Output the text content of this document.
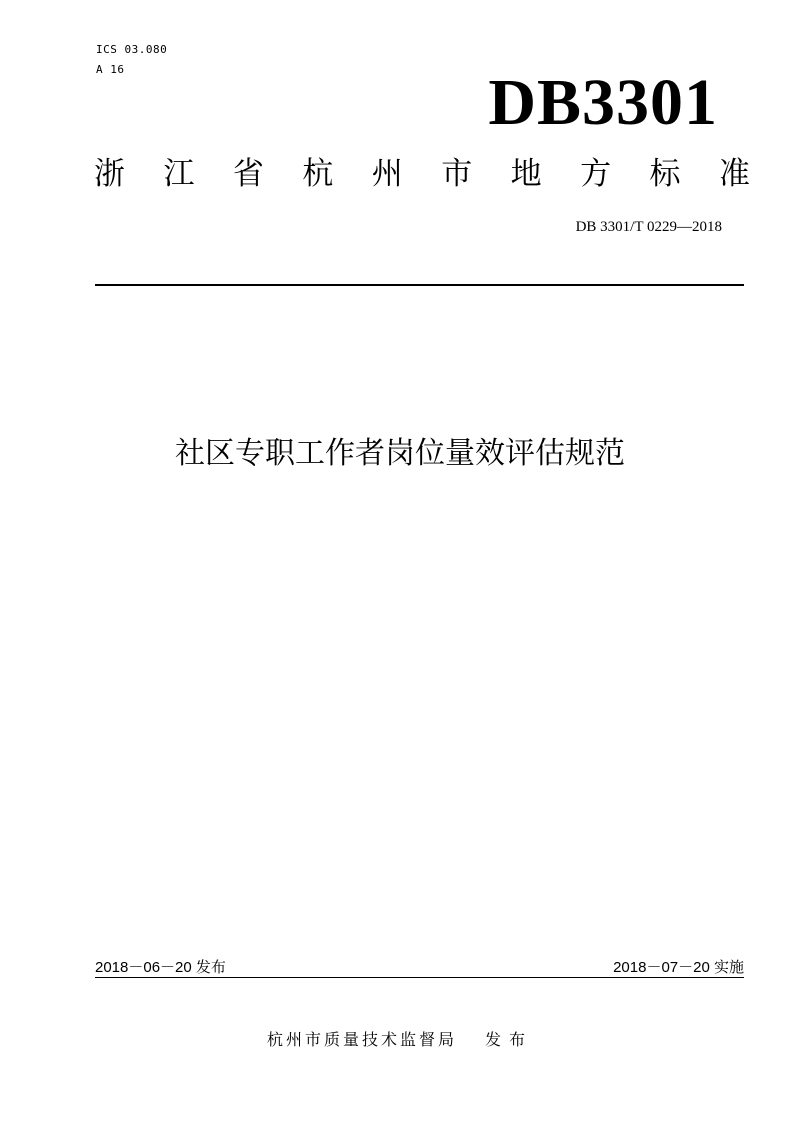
ICS 03.080
A 16	DB3301
浙 江 省 杭 州 市 地 方 标 准
DB 3301/T 0229—2018
社区专职工作者岗位量效评估规范
2018－06－20 发布	2018－07－20 实施
杭州市质量技术监督局 发布
